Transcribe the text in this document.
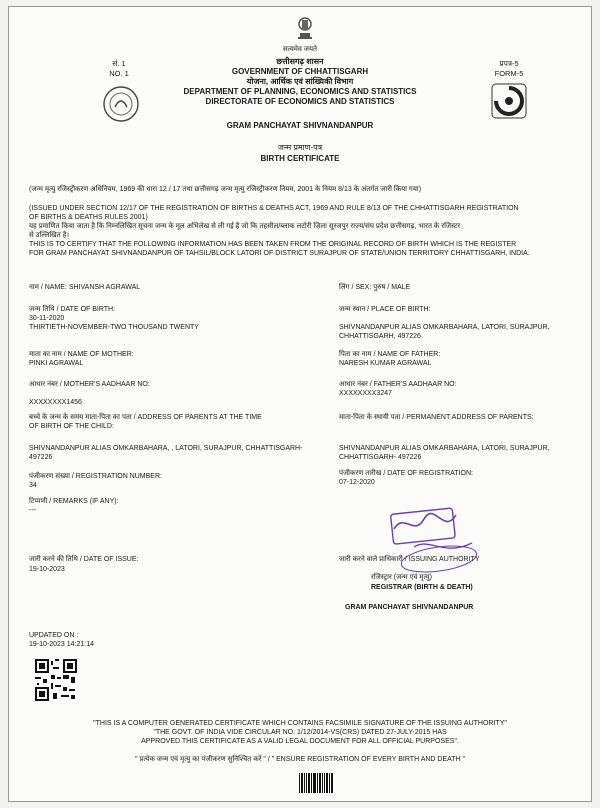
सत्यमेव जयते
सं. 1
NO. 1
प्रपत्र-5
FORM-5
छत्तीसगढ़ शासन
GOVERNMENT OF CHHATTISGARH
योजना, आर्थिक एवं सांख्यिकी विभाग
DEPARTMENT OF PLANNING, ECONOMICS AND STATISTICS
DIRECTORATE OF ECONOMICS AND STATISTICS
GRAM PANCHAYAT SHIVNANDANPUR
जन्म प्रमाण-पत्र
BIRTH CERTIFICATE
(जन्म मृत्यु रजिस्ट्रीकरण अधिनियम, 1969 की धारा 12 / 17 तथा छत्तीसगढ़ जन्म मृत्यु रजिस्ट्रीकरण नियम, 2001 के नियम 8/13 के अंतर्गत जारी किया गया)
(ISSUED UNDER SECTION 12/17 OF THE REGISTRATION OF BIRTHS & DEATHS ACT, 1969 AND RULE 8/13 OF THE CHHATTISGARH REGISTRATION
OF BIRTHS & DEATHS RULES 2001)
यह प्रमाणित किया जाता है कि निम्नलिखित सूचना जन्म के मूल अभिलेख से ली गई है जो कि तहसील/ब्लाक लटोरी जिला सूरजपुर राज्य/संघ प्रदेश छत्तीसगढ़, भारत के रजिस्टर
से उल्लिखित है।
THIS IS TO CERTIFY THAT THE FOLLOWING INFORMATION HAS BEEN TAKEN FROM THE ORIGINAL RECORD OF BIRTH WHICH IS THE REGISTER
FOR GRAM PANCHAYAT SHIVNANDANPUR OF TAHSIL/BLOCK LATORI OF DISTRICT SURAJPUR OF STATE/UNION TERRITORY CHHATTISGARH, INDIA.
नाम / NAME: SHIVANSH AGRAWAL
जन्म तिथि / DATE OF BIRTH:
30-11-2020
THIRTIETH-NOVEMBER-TWO THOUSAND TWENTY
माता का नाम / NAME OF MOTHER:
PINKI AGRAWAL
आधार नंबर / MOTHER'S AADHAAR NO:
XXXXXXXX1456
बच्चे के जन्म के समय माता-पिता का पता / ADDRESS OF PARENTS AT THE TIME
OF BIRTH OF THE CHILD:
SHIVNANDANPUR ALIAS OMKARBAHARA, , LATORI, SURAJPUR, CHHATTISGARH-
497226
पंजीकरण संख्या / REGISTRATION NUMBER:
34
टिप्पणी / REMARKS (IF ANY):
---
जारी करने की तिथि / DATE OF ISSUE:
19-10-2023
लिंग / SEX: पुरुष / MALE
जन्म स्थान / PLACE OF BIRTH:
SHIVNANDANPUR ALIAS OMKARBAHARA, LATORI, SURAJPUR,
CHHATTISGARH, 497226
पिता का नाम / NAME OF FATHER:
NARESH KUMAR AGRAWAL
आधार नंबर / FATHER'S AADHAAR NO:
XXXXXXXX3247
माता-पिता के स्थायी पता / PERMANENT ADDRESS OF PARENTS:
SHIVNANDANPUR ALIAS OMKARBAHARA, LATORI, SURAJPUR,
CHHATTISGARH- 497226
पंजीकरण तारीख / DATE OF REGISTRATION:
07-12-2020
जारी करने वाले प्राधिकारी / ISSUING AUTHORITY
रजिस्ट्रार (जन्म एवं मृत्यु)
REGISTRAR (BIRTH & DEATH)
GRAM PANCHAYAT SHIVNANDANPUR
UPDATED ON :
19-10-2023 14:21:14
"THIS IS A COMPUTER GENERATED CERTIFICATE WHICH CONTAINS FACSIMILE SIGNATURE OF THE ISSUING AUTHORITY"
"THE GOVT. OF INDIA VIDE CIRCULAR NO. 1/12/2014-VS(CRS) DATED 27-JULY-2015 HAS
APPROVED THIS CERTIFICATE AS A VALID LEGAL DOCUMENT FOR ALL OFFICIAL PURPOSES".
" प्रत्येक जन्म एवं मृत्यु का पंजीकरण सुनिश्चित करें " / " ENSURE REGISTRATION OF EVERY BIRTH AND DEATH "
